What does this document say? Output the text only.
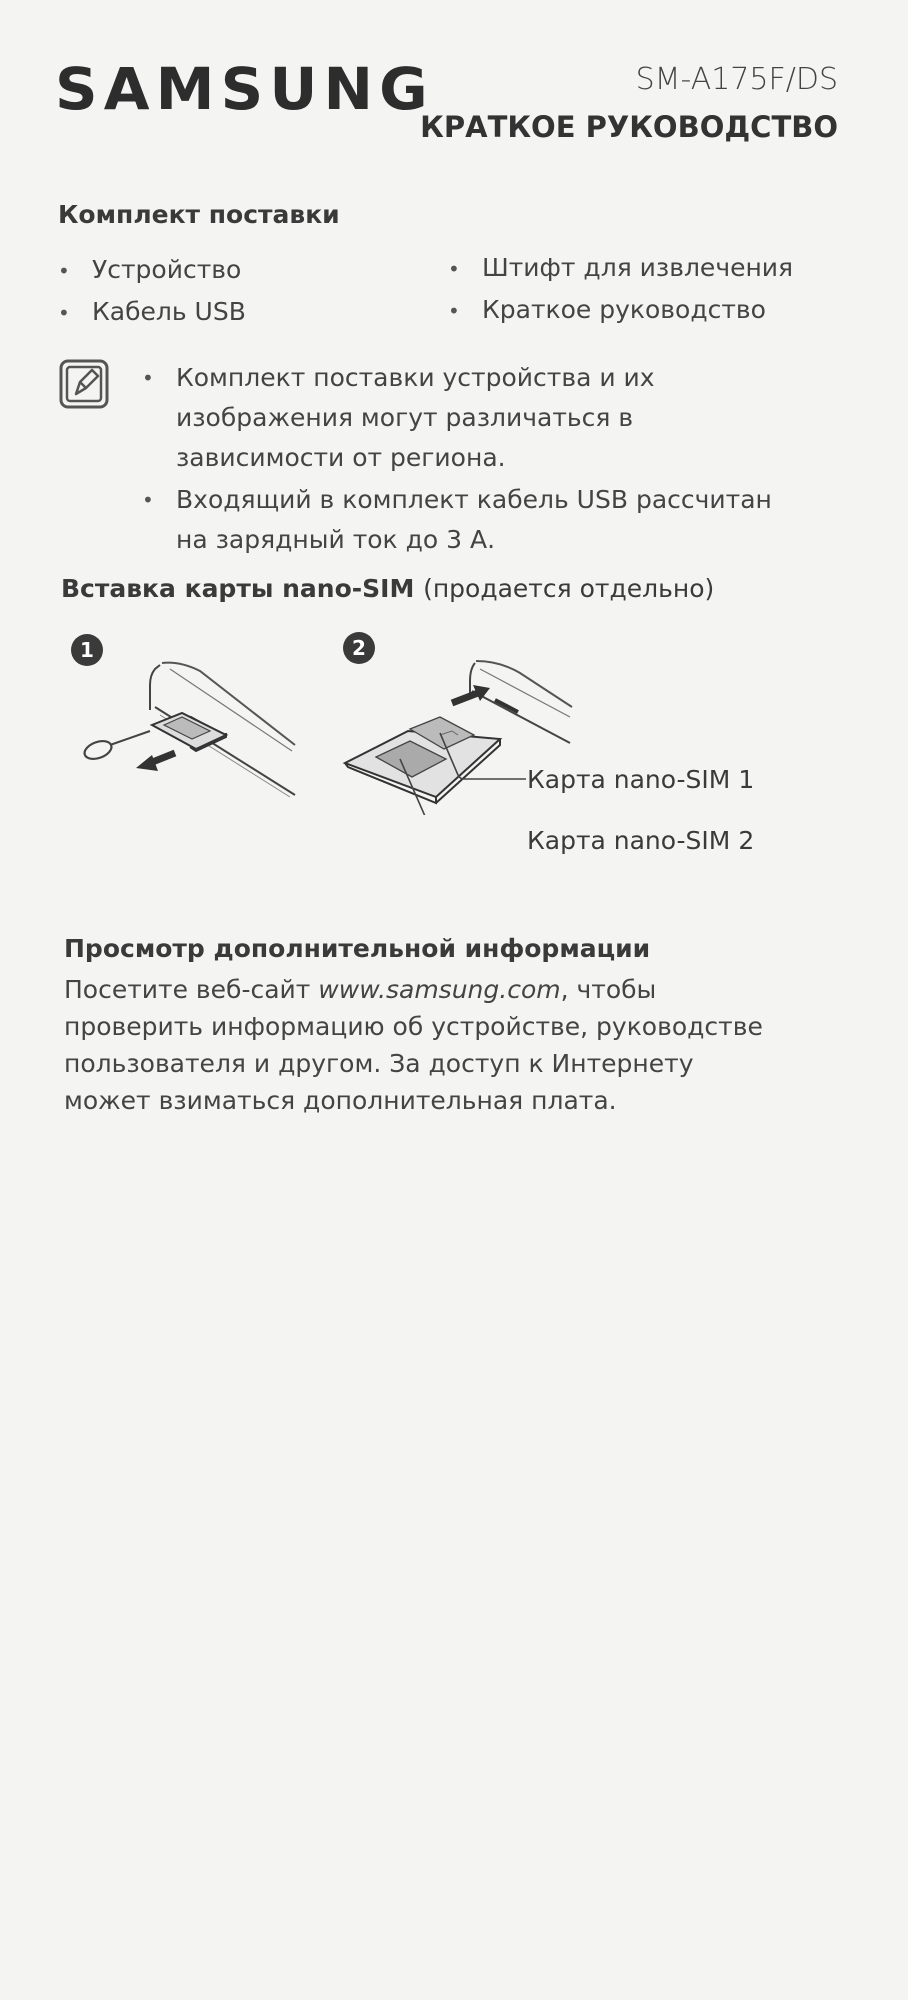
SAMSUNG	SM-A175F/DS
КРАТКОЕ РУКОВОДСТВО
Комплект поставки
• Устройство
• Кабель USB
• Штифт для извлечения
• Краткое руководство
• Комплект поставки устройства и их изображения могут различаться в зависимости от региона.
• Входящий в комплект кабель USB рассчитан на зарядный ток до 3 А.
Вставка карты nano-SIM (продается отдельно)
1	2
Карта nano-SIM 1
Карта nano-SIM 2
Просмотр дополнительной информации
Посетите веб-сайт www.samsung.com, чтобы проверить информацию об устройстве, руководстве пользователя и другом. За доступ к Интернету может взиматься дополнительная плата.
